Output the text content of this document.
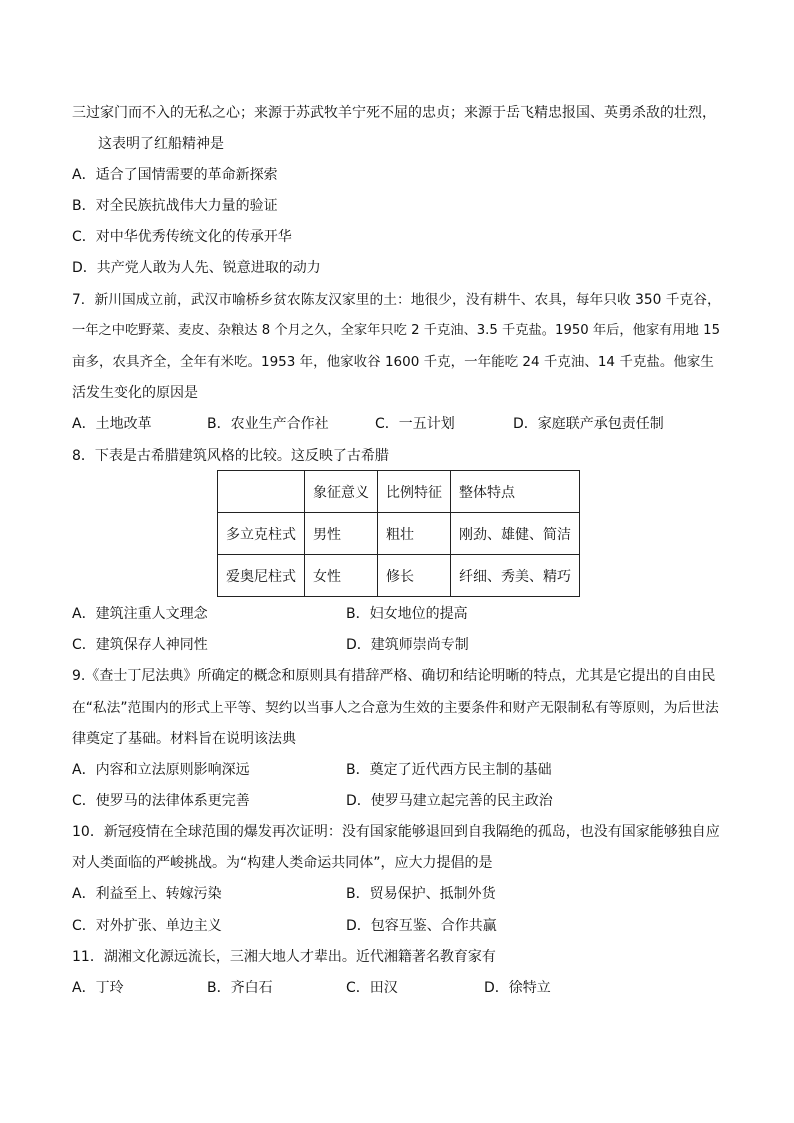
三过家门而不入的无私之心；来源于苏武牧羊宁死不屈的忠贞；来源于岳飞精忠报国、英勇杀敌的壮烈，
这表明了红船精神是
A．适合了国情需要的革命新探索
B．对全民族抗战伟大力量的验证
C．对中华优秀传统文化的传承开华
D．共产党人敢为人先、锐意进取的动力
7．新川国成立前，武汉市喻桥乡贫农陈友汉家里的土：地很少，没有耕牛、农具，每年只收 350 千克谷，
一年之中吃野菜、麦皮、杂粮达 8 个月之久，全家年只吃 2 千克油、3.5 千克盐。1950 年后，他家有用地 15
亩多，农具齐全，全年有米吃。1953 年，他家收谷 1600 千克，一年能吃 24 千克油、14 千克盐。他家生
活发生变化的原因是
A．土地改革	B．农业生产合作社	C．一五计划	D．家庭联产承包责任制
8．下表是古希腊建筑风格的比较。这反映了古希腊
	象征意义	比例特征	整体特点
多立克柱式	男性	粗壮	刚劲、雄健、简洁
爱奥尼柱式	女性	修长	纤细、秀美、精巧
A．建筑注重人文理念	B．妇女地位的提高
C．建筑保存人神同性	D．建筑师崇尚专制
9.《查士丁尼法典》所确定的概念和原则具有措辞严格、确切和结论明晰的特点，尤其是它提出的自由民
在“私法”范围内的形式上平等、契约以当事人之合意为生效的主要条件和财产无限制私有等原则，为后世法
律奠定了基础。材料旨在说明该法典
A．内容和立法原则影响深远	B．奠定了近代西方民主制的基础
C．使罗马的法律体系更完善	D．使罗马建立起完善的民主政治
10．新冠疫情在全球范围的爆发再次证明：没有国家能够退回到自我隔绝的孤岛，也没有国家能够独自应
对人类面临的严峻挑战。为“构建人类命运共同体”，应大力提倡的是
A．利益至上、转嫁污染	B．贸易保护、抵制外货
C．对外扩张、单边主义	D．包容互鉴、合作共赢
11．湖湘文化源远流长，三湘大地人才辈出。近代湘籍著名教育家有
A．丁玲	B．齐白石	C．田汉	D．徐特立
